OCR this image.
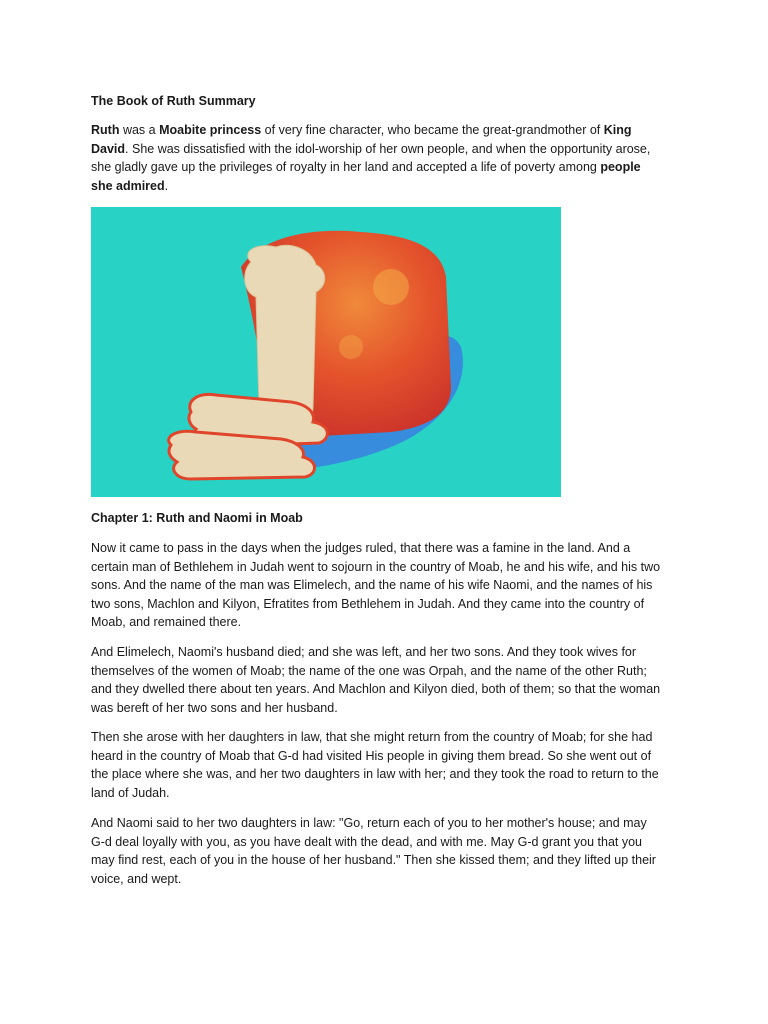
The Book of Ruth Summary

Ruth was a Moabite princess of very fine character, who became the great-grandmother of King David. She was dissatisfied with the idol-worship of her own people, and when the opportunity arose, she gladly gave up the privileges of royalty in her land and accepted a life of poverty among people she admired.

Chapter 1: Ruth and Naomi in Moab

Now it came to pass in the days when the judges ruled, that there was a famine in the land. And a certain man of Bethlehem in Judah went to sojourn in the country of Moab, he and his wife, and his two sons. And the name of the man was Elimelech, and the name of his wife Naomi, and the names of his two sons, Machlon and Kilyon, Efratites from Bethlehem in Judah. And they came into the country of Moab, and remained there.

And Elimelech, Naomi's husband died; and she was left, and her two sons. And they took wives for themselves of the women of Moab; the name of the one was Orpah, and the name of the other Ruth; and they dwelled there about ten years. And Machlon and Kilyon died, both of them; so that the woman was bereft of her two sons and her husband.

Then she arose with her daughters in law, that she might return from the country of Moab; for she had heard in the country of Moab that G-d had visited His people in giving them bread. So she went out of the place where she was, and her two daughters in law with her; and they took the road to return to the land of Judah.

And Naomi said to her two daughters in law: "Go, return each of you to her mother's house; and may G-d deal loyally with you, as you have dealt with the dead, and with me. May G-d grant you that you may find rest, each of you in the house of her husband." Then she kissed them; and they lifted up their voice, and wept.
